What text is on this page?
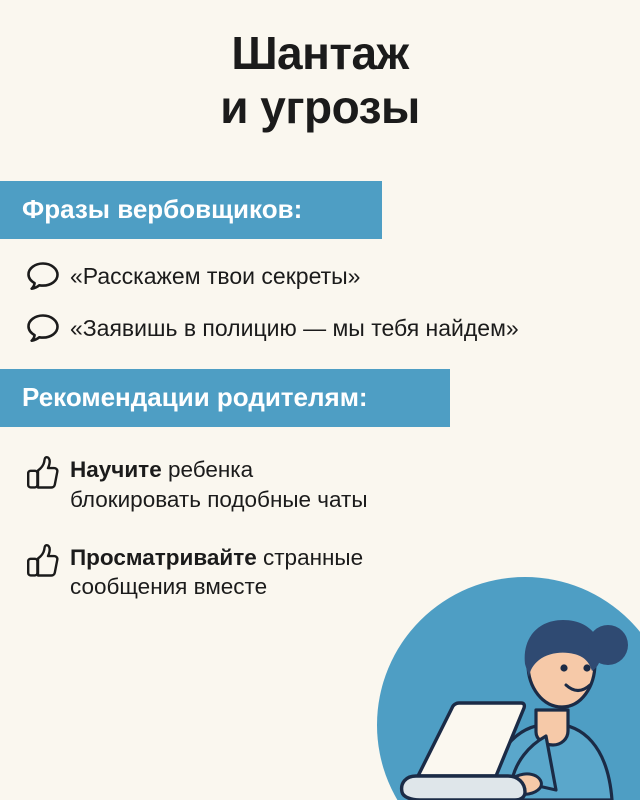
Шантаж
и угрозы
Фразы вербовщиков:
«Расскажем твои секреты»
«Заявишь в полицию — мы тебя найдем»
Рекомендации родителям:
Научите ребенка
блокировать подобные чаты
Просматривайте странные
сообщения вместе
